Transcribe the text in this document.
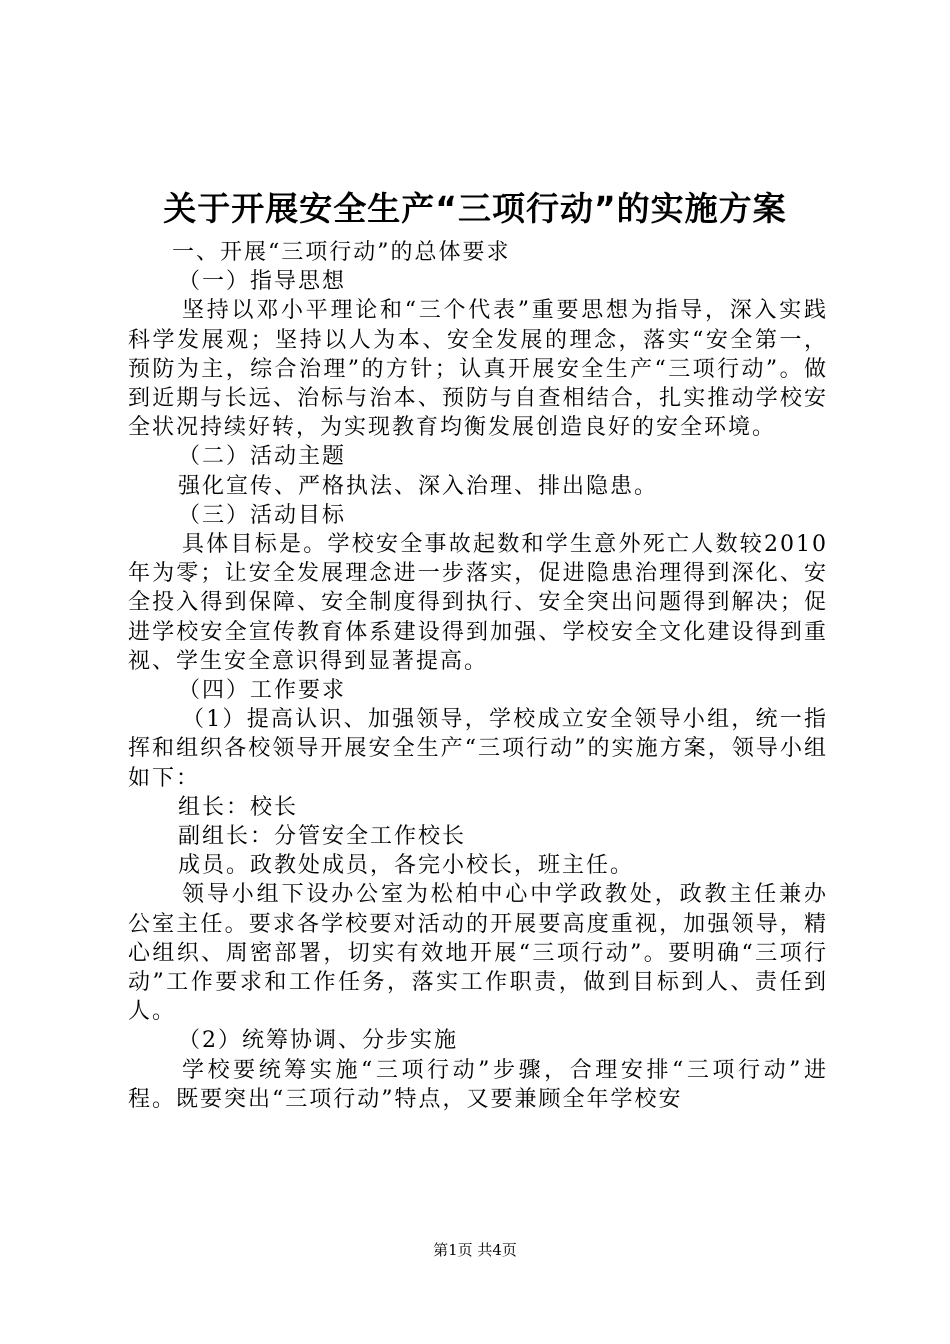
关于开展安全生产“三项行动”的实施方案

一、开展“三项行动”的总体要求

（一）指导思想

坚持以邓小平理论和“三个代表”重要思想为指导，深入实践科学发展观；坚持以人为本、安全发展的理念，落实“安全第一，预防为主，综合治理”的方针；认真开展安全生产“三项行动”。做到近期与长远、治标与治本、预防与自查相结合，扎实推动学校安全状况持续好转，为实现教育均衡发展创造良好的安全环境。

（二）活动主题

强化宣传、严格执法、深入治理、排出隐患。

（三）活动目标

具体目标是。学校安全事故起数和学生意外死亡人数较2010年为零；让安全发展理念进一步落实，促进隐患治理得到深化、安全投入得到保障、安全制度得到执行、安全突出问题得到解决；促进学校安全宣传教育体系建设得到加强、学校安全文化建设得到重视、学生安全意识得到显著提高。

（四）工作要求

（1）提高认识、加强领导，学校成立安全领导小组，统一指挥和组织各校领导开展安全生产“三项行动”的实施方案，领导小组如下：

组长：校长

副组长：分管安全工作校长

成员。政教处成员，各完小校长，班主任。

领导小组下设办公室为松柏中心中学政教处，政教主任兼办公室主任。要求各学校要对活动的开展要高度重视，加强领导，精心组织、周密部署，切实有效地开展“三项行动”。要明确“三项行动”工作要求和工作任务，落实工作职责，做到目标到人、责任到人。

（2）统筹协调、分步实施

学校要统筹实施“三项行动”步骤，合理安排“三项行动”进程。既要突出“三项行动”特点，又要兼顾全年学校安

第1页 共4页
